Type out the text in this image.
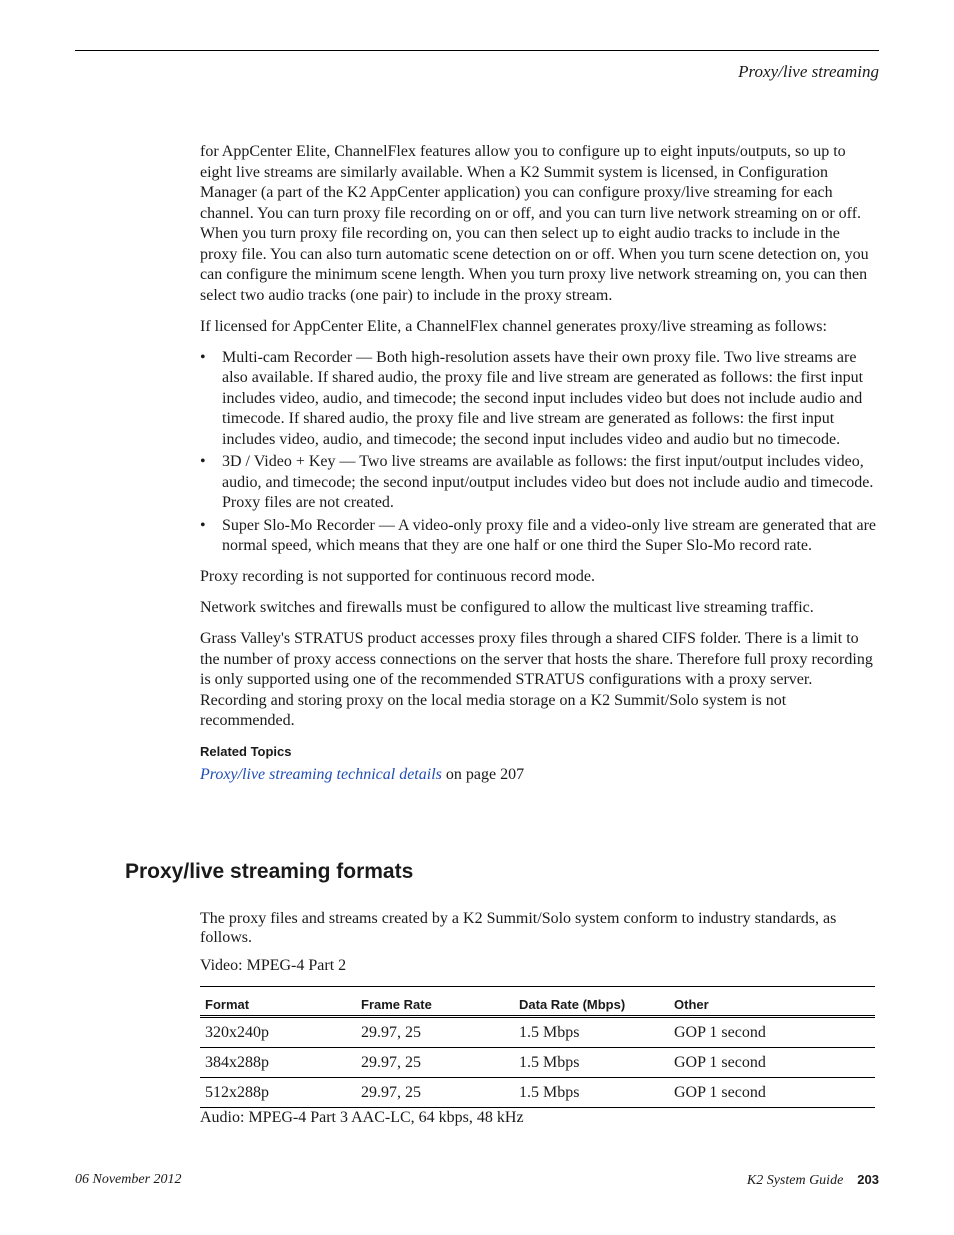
Proxy/live streaming

for AppCenter Elite, ChannelFlex features allow you to configure up to eight inputs/outputs, so up to eight live streams are similarly available. When a K2 Summit system is licensed, in Configuration Manager (a part of the K2 AppCenter application) you can configure proxy/live streaming for each channel. You can turn proxy file recording on or off, and you can turn live network streaming on or off. When you turn proxy file recording on, you can then select up to eight audio tracks to include in the proxy file. You can also turn automatic scene detection on or off. When you turn scene detection on, you can configure the minimum scene length. When you turn proxy live network streaming on, you can then select two audio tracks (one pair) to include in the proxy stream.

If licensed for AppCenter Elite, a ChannelFlex channel generates proxy/live streaming as follows:

• Multi-cam Recorder — Both high-resolution assets have their own proxy file. Two live streams are also available. If shared audio, the proxy file and live stream are generated as follows: the first input includes video, audio, and timecode; the second input includes video but does not include audio and timecode. If shared audio, the proxy file and live stream are generated as follows: the first input includes video, audio, and timecode; the second input includes video and audio but no timecode.
• 3D / Video + Key — Two live streams are available as follows: the first input/output includes video, audio, and timecode; the second input/output includes video but does not include audio and timecode. Proxy files are not created.
• Super Slo-Mo Recorder — A video-only proxy file and a video-only live stream are generated that are normal speed, which means that they are one half or one third the Super Slo-Mo record rate.

Proxy recording is not supported for continuous record mode.

Network switches and firewalls must be configured to allow the multicast live streaming traffic.

Grass Valley's STRATUS product accesses proxy files through a shared CIFS folder. There is a limit to the number of proxy access connections on the server that hosts the share. Therefore full proxy recording is only supported using one of the recommended STRATUS configurations with a proxy server. Recording and storing proxy on the local media storage on a K2 Summit/Solo system is not recommended.

Related Topics
Proxy/live streaming technical details on page 207
Proxy/live streaming formats

The proxy files and streams created by a K2 Summit/Solo system conform to industry standards, as follows.

Video: MPEG-4 Part 2

Format	Frame Rate	Data Rate (Mbps)	Other
320x240p	29.97, 25	1.5 Mbps	GOP 1 second
384x288p	29.97, 25	1.5 Mbps	GOP 1 second
512x288p	29.97, 25	1.5 Mbps	GOP 1 second

Audio: MPEG-4 Part 3 AAC-LC, 64 kbps, 48 kHz

06 November 2012	K2 System Guide 203
